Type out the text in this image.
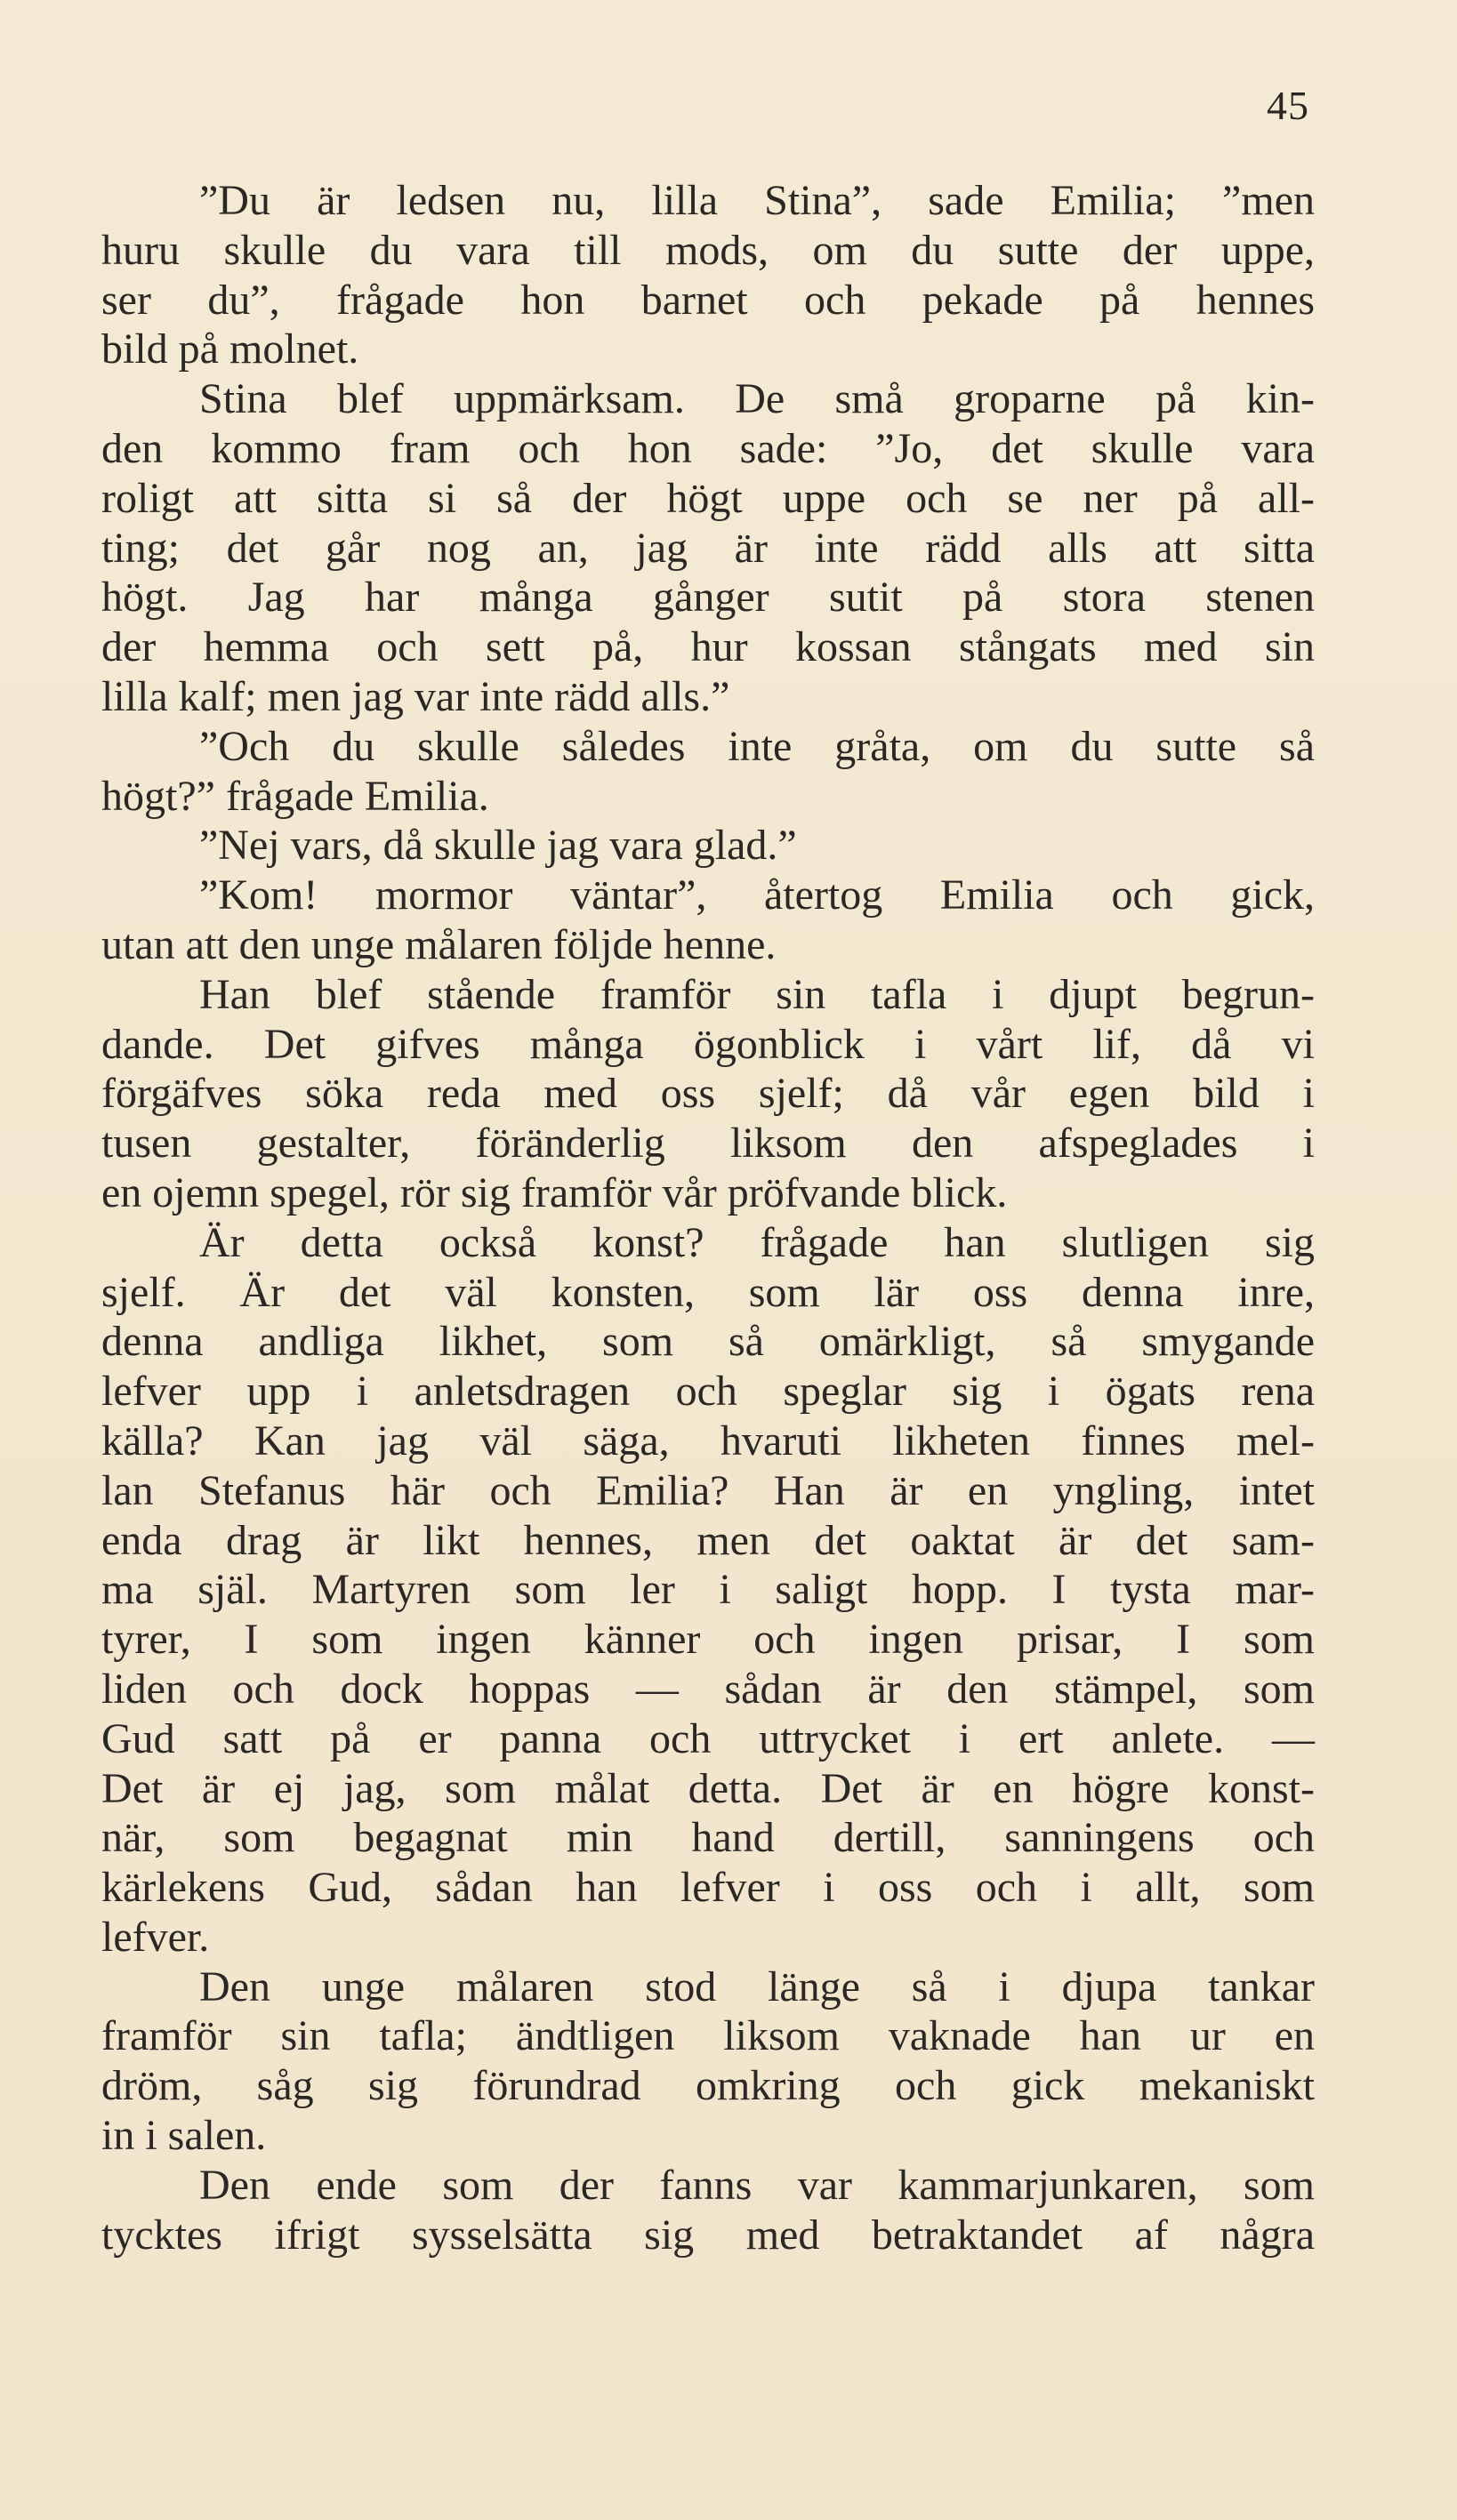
45
”Du är ledsen nu, lilla Stina”, sade Emilia; ”men
huru skulle du vara till mods, om du sutte der uppe,
ser du”, frågade hon barnet och pekade på hennes
bild på molnet.
Stina blef uppmärksam. De små groparne på kin-
den kommo fram och hon sade: ”Jo, det skulle vara
roligt att sitta si så der högt uppe och se ner på all-
ting; det går nog an, jag är inte rädd alls att sitta
högt. Jag har många gånger sutit på stora stenen
der hemma och sett på, hur kossan stångats med sin
lilla kalf; men jag var inte rädd alls.”
”Och du skulle således inte gråta, om du sutte så
högt?” frågade Emilia.
”Nej vars, då skulle jag vara glad.”
”Kom! mormor väntar”, återtog Emilia och gick,
utan att den unge målaren följde henne.
Han blef stående framför sin tafla i djupt begrun-
dande. Det gifves många ögonblick i vårt lif, då vi
förgäfves söka reda med oss sjelf; då vår egen bild i
tusen gestalter, föränderlig liksom den afspeglades i
en ojemn spegel, rör sig framför vår pröfvande blick.
Är detta också konst? frågade han slutligen sig
sjelf. Är det väl konsten, som lär oss denna inre,
denna andliga likhet, som så omärkligt, så smygande
lefver upp i anletsdragen och speglar sig i ögats rena
källa? Kan jag väl säga, hvaruti likheten finnes mel-
lan Stefanus här och Emilia? Han är en yngling, intet
enda drag är likt hennes, men det oaktat är det sam-
ma själ. Martyren som ler i saligt hopp. I tysta mar-
tyrer, I som ingen känner och ingen prisar, I som
liden och dock hoppas — sådan är den stämpel, som
Gud satt på er panna och uttrycket i ert anlete. —
Det är ej jag, som målat detta. Det är en högre konst-
när, som begagnat min hand dertill, sanningens och
kärlekens Gud, sådan han lefver i oss och i allt, som
lefver.
Den unge målaren stod länge så i djupa tankar
framför sin tafla; ändtligen liksom vaknade han ur en
dröm, såg sig förundrad omkring och gick mekaniskt
in i salen.
Den ende som der fanns var kammarjunkaren, som
tycktes ifrigt sysselsätta sig med betraktandet af några
